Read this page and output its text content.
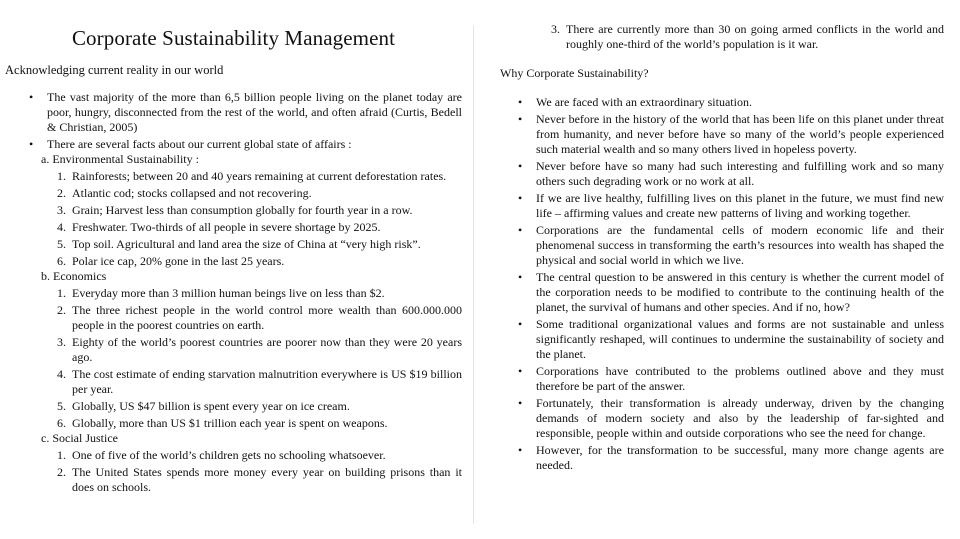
Corporate Sustainability Management
Acknowledging current reality in our world
• The vast majority of the more than 6,5 billion people living on the planet today are poor, hungry, disconnected from the rest of the world, and often afraid (Curtis, Bedell & Christian, 2005)
• There are several facts about our current global state of affairs :
a. Environmental Sustainability :
1. Rainforests; between 20 and 40 years remaining at current deforestation rates.
2. Atlantic cod; stocks collapsed and not recovering.
3. Grain; Harvest less than consumption globally for fourth year in a row.
4. Freshwater. Two-thirds of all people in severe shortage by 2025.
5. Top soil. Agricultural and land area the size of China at “very high risk”.
6. Polar ice cap, 20% gone in the last 25 years.
b. Economics
1. Everyday more than 3 million human beings live on less than $2.
2. The three richest people in the world control more wealth than 600.000.000 people in the poorest countries on earth.
3. Eighty of the world’s poorest countries are poorer now than they were 20 years ago.
4. The cost estimate of ending starvation malnutrition everywhere is US $19 billion per year.
5. Globally, US $47 billion is spent every year on ice cream.
6. Globally, more than US $1 trillion each year is spent on weapons.
c. Social Justice
1. One of five of the world’s children gets no schooling whatsoever.
2. The United States spends more money every year on building prisons than it does on schools.
3. There are currently more than 30 on going armed conflicts in the world and roughly one-third of the world’s population is it war.
Why Corporate Sustainability?
• We are faced with an extraordinary situation.
• Never before in the history of the world that has been life on this planet under threat from humanity, and never before have so many of the world’s people experienced such material wealth and so many others lived in hopeless poverty.
• Never before have so many had such interesting and fulfilling work and so many others such degrading work or no work at all.
• If we are live healthy, fulfilling lives on this planet in the future, we must find new life – affirming values and create new patterns of living and working together.
• Corporations are the fundamental cells of modern economic life and their phenomenal success in transforming the earth’s resources into wealth has shaped the physical and social world in which we live.
• The central question to be answered in this century is whether the current model of the corporation needs to be modified to contribute to the continuing health of the planet, the survival of humans and other species. And if no, how?
• Some traditional organizational values and forms are not sustainable and unless significantly reshaped, will continues to undermine the sustainability of society and the planet.
• Corporations have contributed to the problems outlined above and they must therefore be part of the answer.
• Fortunately, their transformation is already underway, driven by the changing demands of modern society and also by the leadership of far-sighted and responsible, people within and outside corporations who see the need for change.
• However, for the transformation to be successful, many more change agents are needed.
